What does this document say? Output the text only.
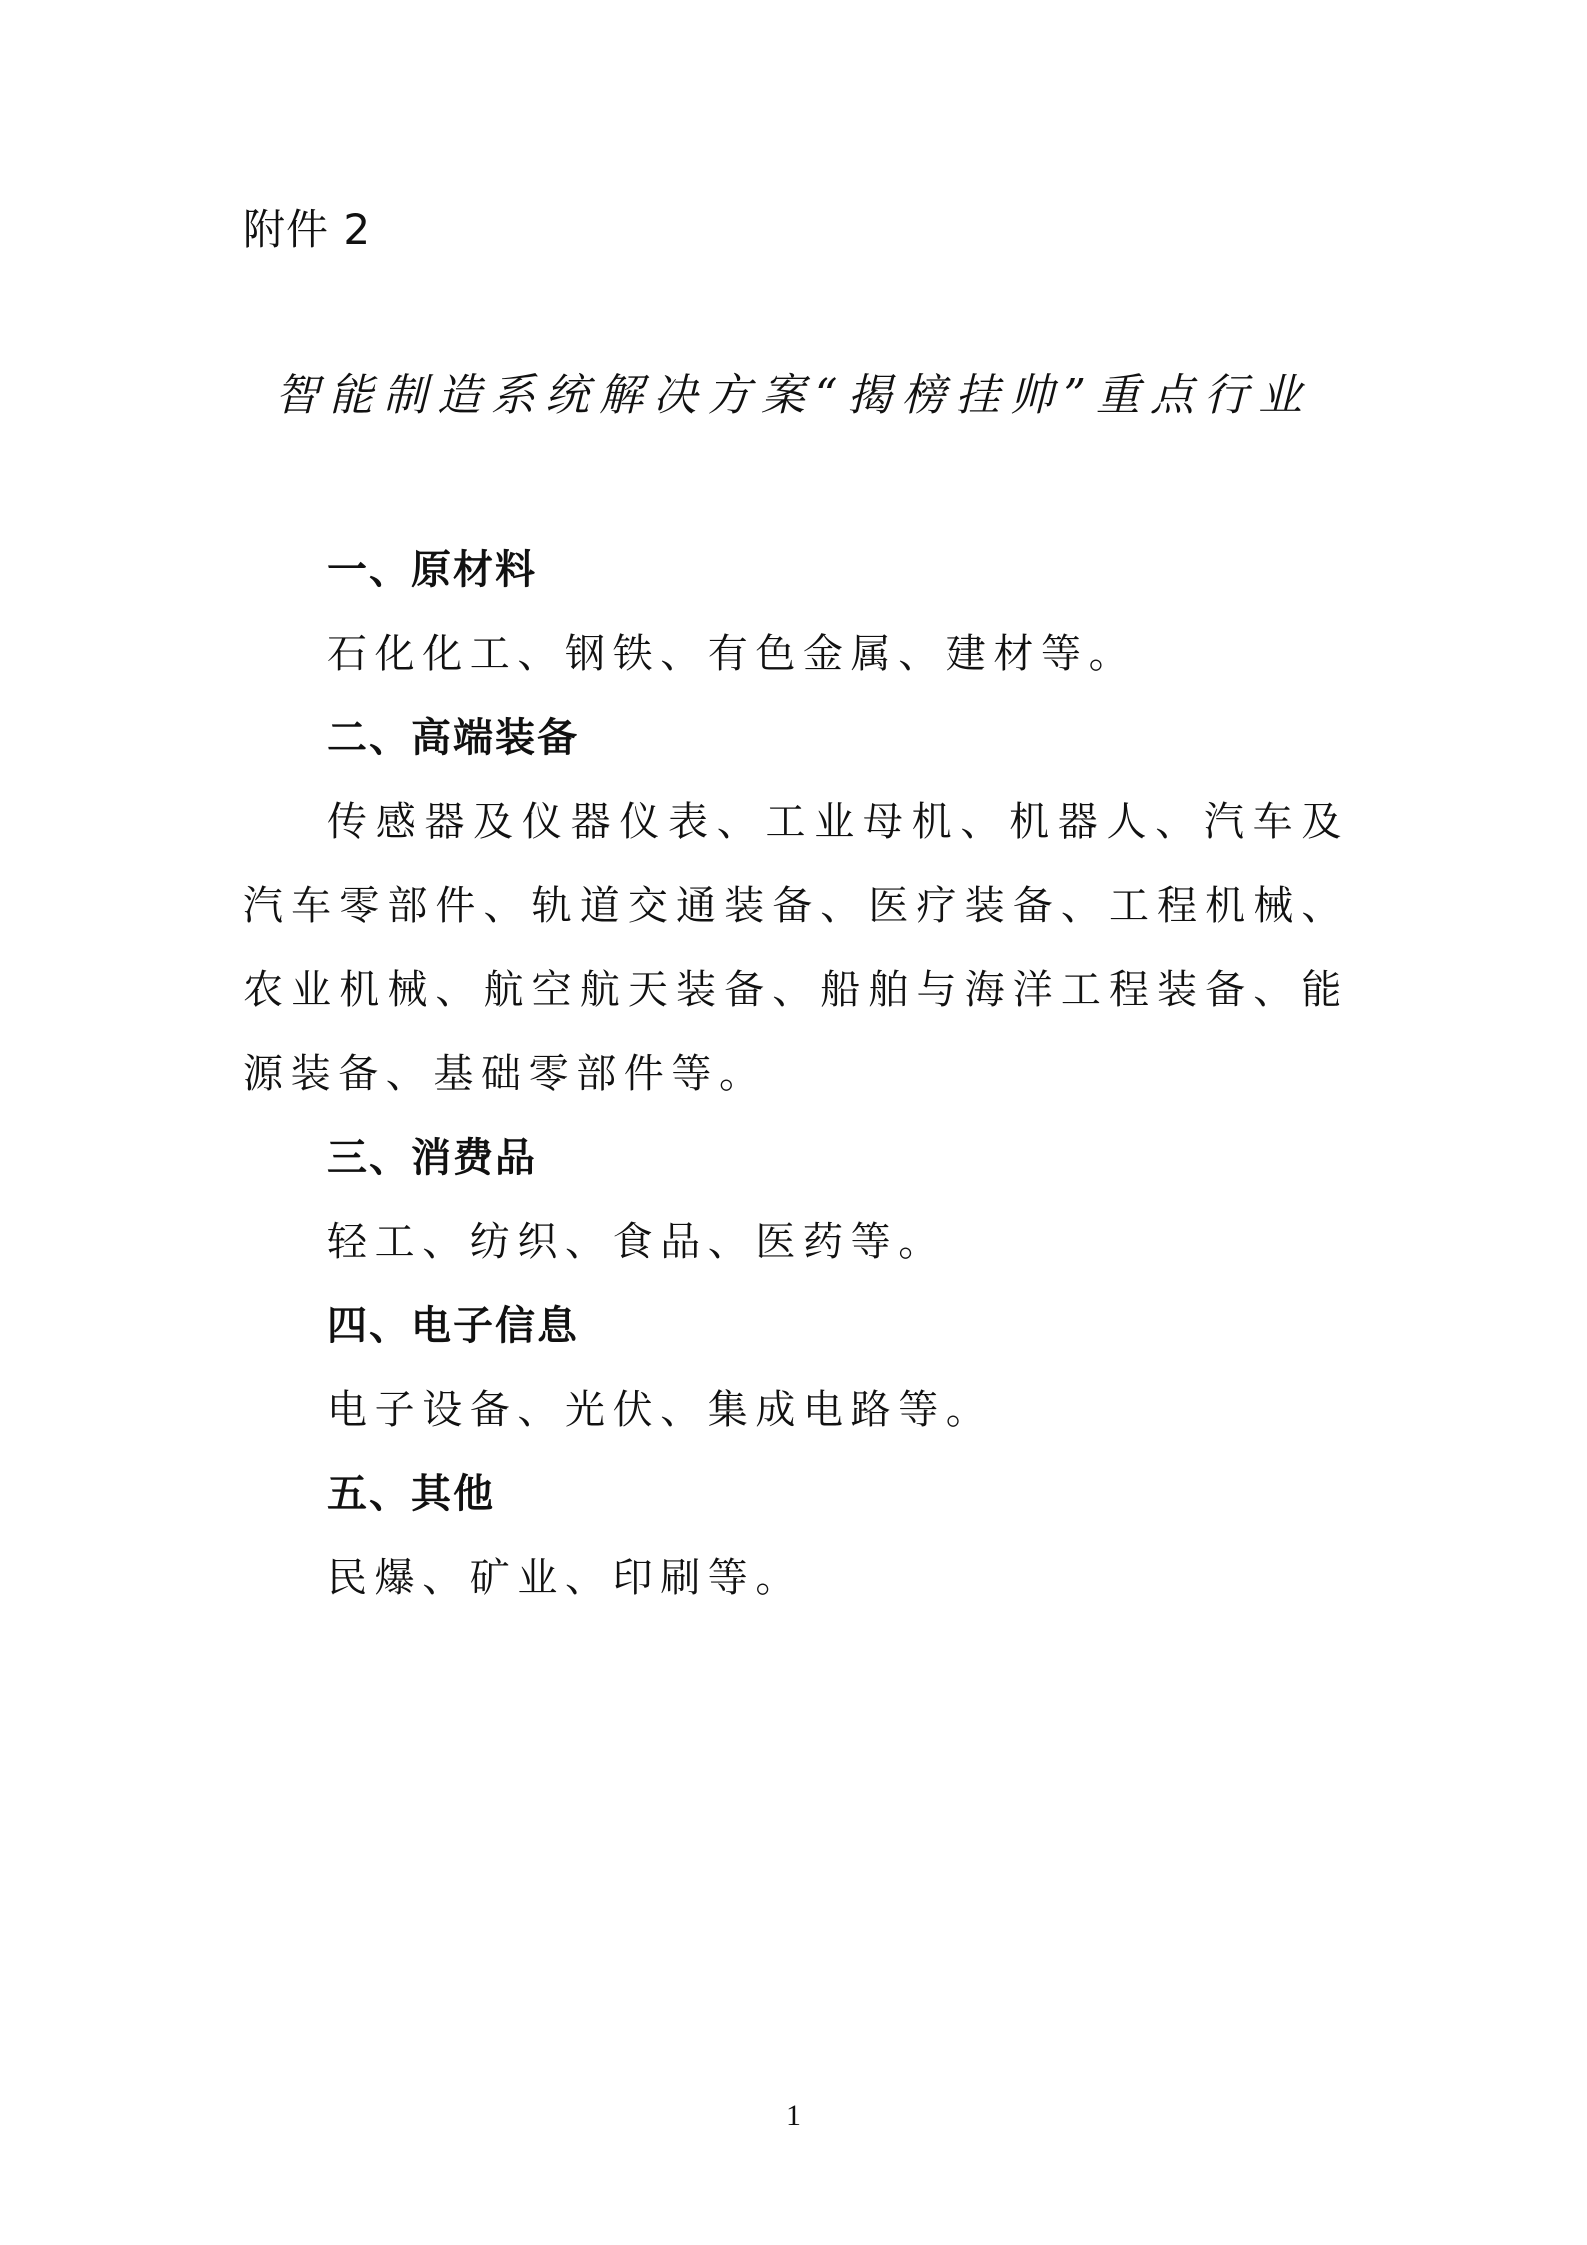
附件 2
智能制造系统解决方案“揭榜挂帅”重点行业

一、原材料

石化化工、钢铁、有色金属、建材等。

二、高端装备

传感器及仪器仪表、工业母机、机器人、汽车及汽车零部件、轨道交通装备、医疗装备、工程机械、农业机械、航空航天装备、船舶与海洋工程装备、能源装备、基础零部件等。

三、消费品

轻工、纺织、食品、医药等。

四、电子信息

电子设备、光伏、集成电路等。

五、其他

民爆、矿业、印刷等。

1
